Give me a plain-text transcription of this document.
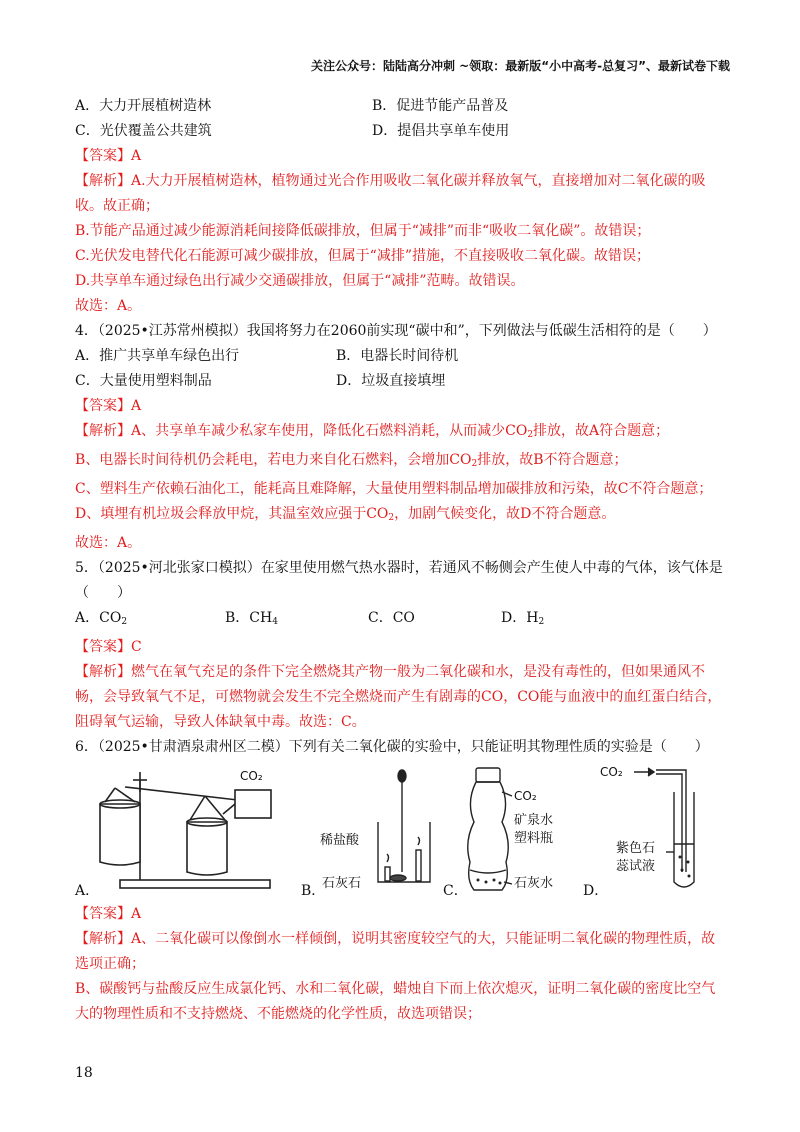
关注公众号：陆陆高分冲刺 ~领取：最新版“小中高考-总复习”、最新试卷下载
A．大力开展植树造林	B．促进节能产品普及
C．光伏覆盖公共建筑	D．提倡共享单车使用
【答案】A
【解析】A.大力开展植树造林，植物通过光合作用吸收二氧化碳并释放氧气，直接增加对二氧化碳的吸
收。故正确；
B.节能产品通过减少能源消耗间接降低碳排放，但属于“减排”而非“吸收二氧化碳”。故错误；
C.光伏发电替代化石能源可减少碳排放，但属于“减排”措施，不直接吸收二氧化碳。故错误；
D.共享单车通过绿色出行减少交通碳排放，但属于“减排”范畴。故错误。
故选：A。
4．（2025•江苏常州模拟）我国将努力在2060前实现“碳中和”，下列做法与低碳生活相符的是（　　）
A．推广共享单车绿色出行	B．电器长时间待机
C．大量使用塑料制品	D．垃圾直接填埋
【答案】A
【解析】A、共享单车减少私家车使用，降低化石燃料消耗，从而减少$CO_2$排放，故A符合题意；
B、电器长时间待机仍会耗电，若电力来自化石燃料，会增加$CO_2$排放，故B不符合题意；
C、塑料生产依赖石油化工，能耗高且难降解，大量使用塑料制品增加碳排放和污染，故C不符合题意；
D、填埋有机垃圾会释放甲烷，其温室效应强于$CO_2$，加剧气候变化，故D不符合题意。
故选：A。
5．（2025•河北张家口模拟）在家里使用燃气热水器时，若通风不畅侧会产生使人中毒的气体，该气体是
（　　）
A．CO2	B．CH4	C．CO	D．H2
【答案】C
【解析】燃气在氧气充足的条件下完全燃烧其产物一般为二氧化碳和水，是没有毒性的，但如果通风不
畅，会导致氧气不足，可燃物就会发生不完全燃烧而产生有剧毒的CO，CO能与血液中的血红蛋白结合，
阻碍氧气运输，导致人体缺氧中毒。故选：C。
6．（2025•甘肃酒泉肃州区二模）下列有关二氧化碳的实验中，只能证明其物理性质的实验是（　　）
A．	B．	C．	D．
CO₂
稀盐酸
石灰石
CO₂
矿泉水
塑料瓶
石灰水
CO₂
紫色石
蕊试液
【答案】A
【解析】A、二氧化碳可以像倒水一样倾倒，说明其密度较空气的大，只能证明二氧化碳的物理性质，故
选项正确；
B、碳酸钙与盐酸反应生成氯化钙、水和二氧化碳，蜡烛自下而上依次熄灭，证明二氧化碳的密度比空气
大的物理性质和不支持燃烧、不能燃烧的化学性质，故选项错误；
18
